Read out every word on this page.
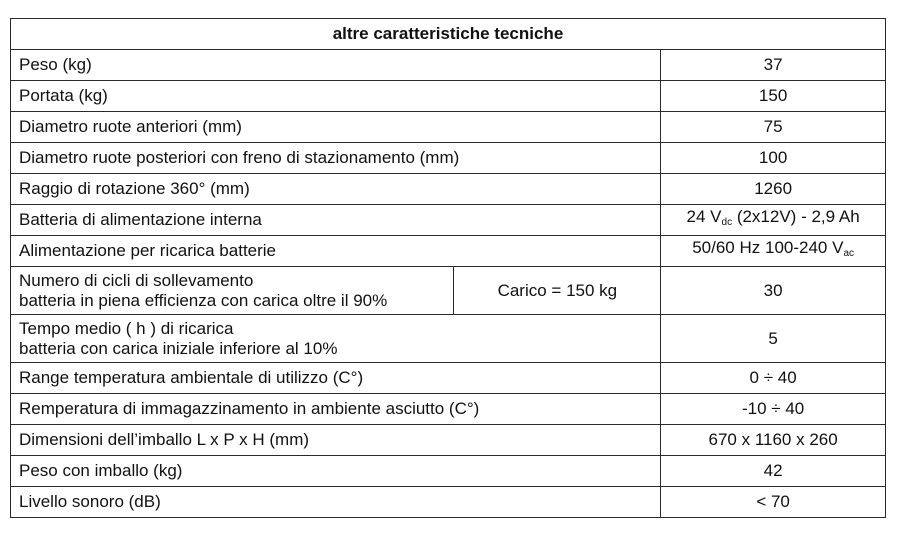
altre caratteristiche tecniche		
Peso (kg)		37
Portata (kg)		150
Diametro ruote anteriori (mm)		75
Diametro ruote posteriori con freno di stazionamento (mm)		100
Raggio di rotazione 360° (mm)		1260
Batteria di alimentazione interna		24 $V_{dc}$ (2x12V) - 2,9 Ah
Alimentazione per ricarica batterie		50/60 Hz 100-240 $V_{ac}$
Numero di cicli di sollevamento
batteria in piena efficienza con carica oltre il 90%	Carico = 150 kg	30
Tempo medio ( h ) di ricarica
batteria con carica iniziale inferiore al 10%		5
Range temperatura ambientale di utilizzo (C°)		0 ÷ 40
Remperatura di immagazzinamento in ambiente asciutto (C°)		-10 ÷ 40
Dimensioni dell’imballo L x P x H (mm)		670 x 1160 x 260
Peso con imballo (kg)		42
Livello sonoro (dB)		< 70
